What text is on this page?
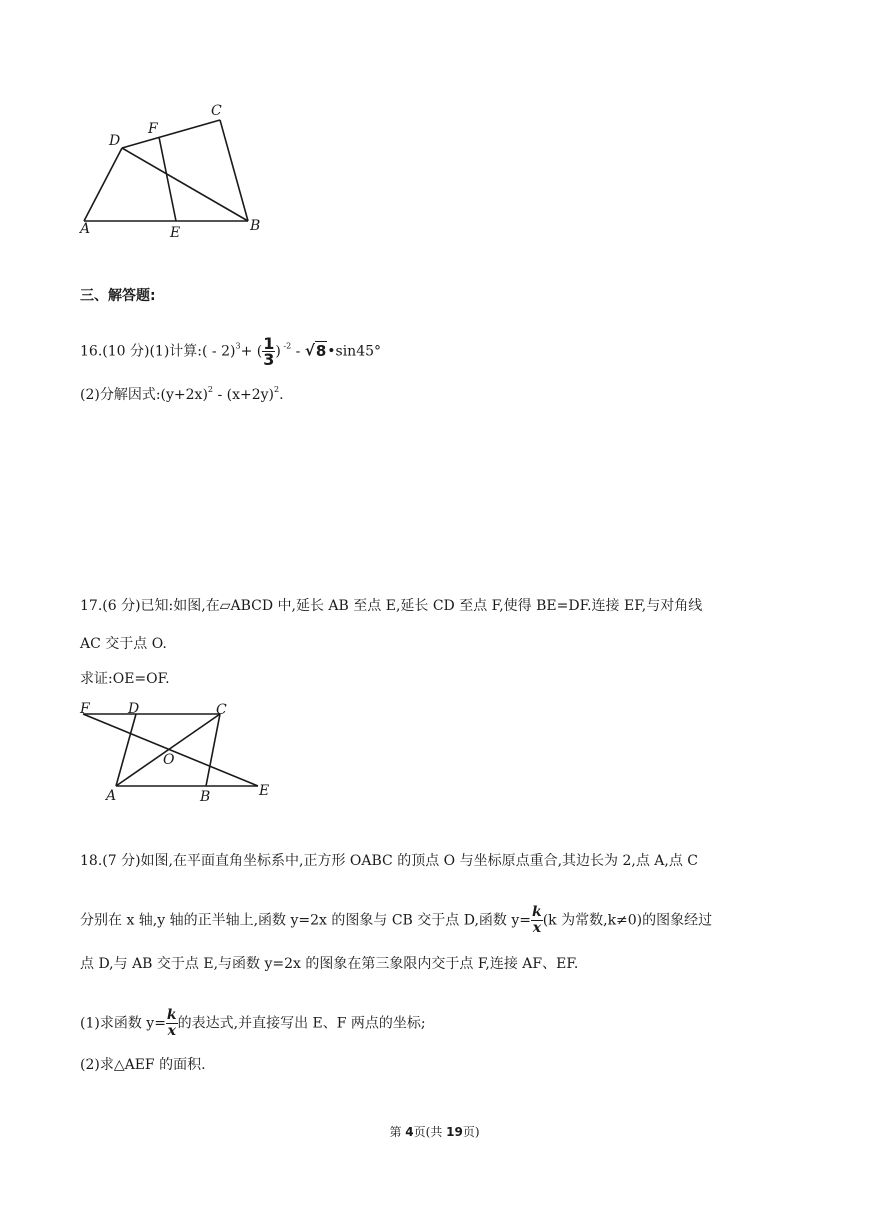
A	B
C
D
E
F
三、解答题:
16.(10 分)(1)计算:( - 2)$^3$+ ( $\frac{1}{3}$ ) $^{-2}$ - √8•sin45°
(2)分解因式$:(y+2x)^2 - (x+2y)^2$.
17.(6 分)已知:如图,在▱ABCD 中,延长 AB 至点 E,延长 CD 至点 F,使得 BE=DF.连接 EF,与对角线
AC 交于点 O.
求证:OE=OF.
F	D	C
O
A	B	E
18.(7 分)如图,在平面直角坐标系中,正方形 OABC 的顶点 O 与坐标原点重合,其边长为 2,点 A,点 C
分别在 x 轴,y 轴的正半轴上,函数 y=2x 的图象与 CB 交于点 D,函数 $y= \frac{k}{x} (k$ 为常数,k≠0)的图象经过
点 D,与 AB 交于点 E,与函数 y=2x 的图象在第三象限内交于点 F,连接 AF、EF.
(1)求函数 $y= \frac{k}{x}$ 的表达式,并直接写出 E、F 两点的坐标;
(2)求△AEF 的面积.
第 4页(共 19页)
